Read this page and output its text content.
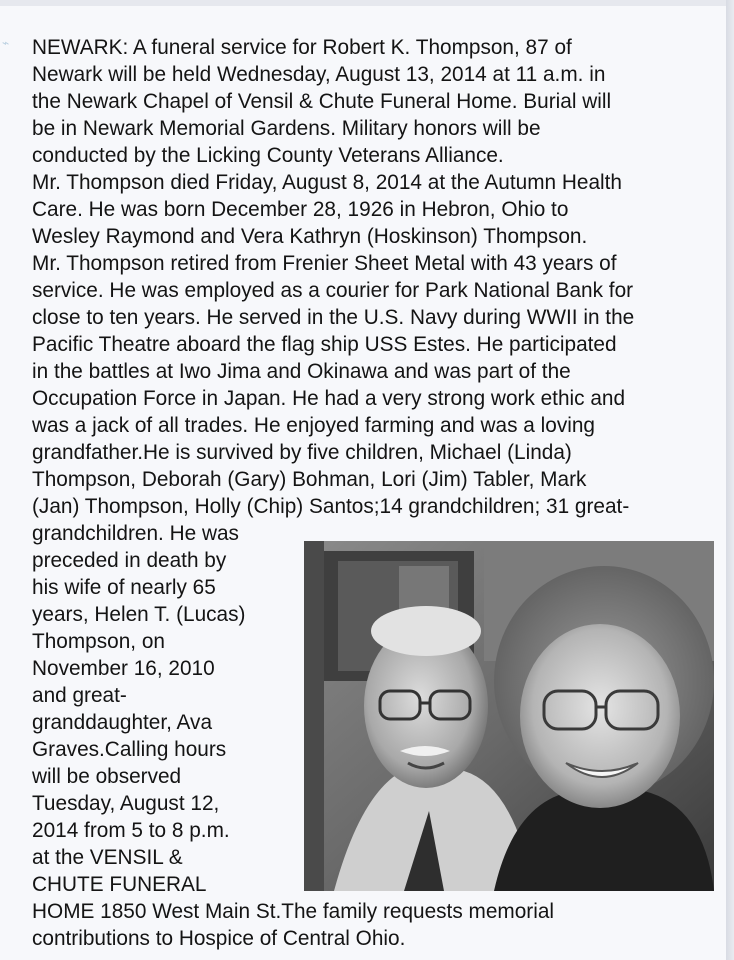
⌁ NEWARK: A funeral service for Robert K. Thompson, 87 of
Newark will be held Wednesday, August 13, 2014 at 11 a.m. in
the Newark Chapel of Vensil & Chute Funeral Home. Burial will
be in Newark Memorial Gardens. Military honors will be
conducted by the Licking County Veterans Alliance.
Mr. Thompson died Friday, August 8, 2014 at the Autumn Health
Care. He was born December 28, 1926 in Hebron, Ohio to
Wesley Raymond and Vera Kathryn (Hoskinson) Thompson.
Mr. Thompson retired from Frenier Sheet Metal with 43 years of
service. He was employed as a courier for Park National Bank for
close to ten years. He served in the U.S. Navy during WWII in the
Pacific Theatre aboard the flag ship USS Estes. He participated
in the battles at Iwo Jima and Okinawa and was part of the
Occupation Force in Japan. He had a very strong work ethic and
was a jack of all trades. He enjoyed farming and was a loving
grandfather.He is survived by five children, Michael (Linda)
Thompson, Deborah (Gary) Bohman, Lori (Jim) Tabler, Mark
(Jan) Thompson, Holly (Chip) Santos;14 grandchildren; 31 great-
grandchildren. He was
preceded in death by
his wife of nearly 65
years, Helen T. (Lucas)
Thompson, on
November 16, 2010
and great-
granddaughter, Ava
Graves.Calling hours
will be observed
Tuesday, August 12,
2014 from 5 to 8 p.m.
at the VENSIL &
CHUTE FUNERAL
HOME 1850 West Main St.The family requests memorial
contributions to Hospice of Central Ohio.
